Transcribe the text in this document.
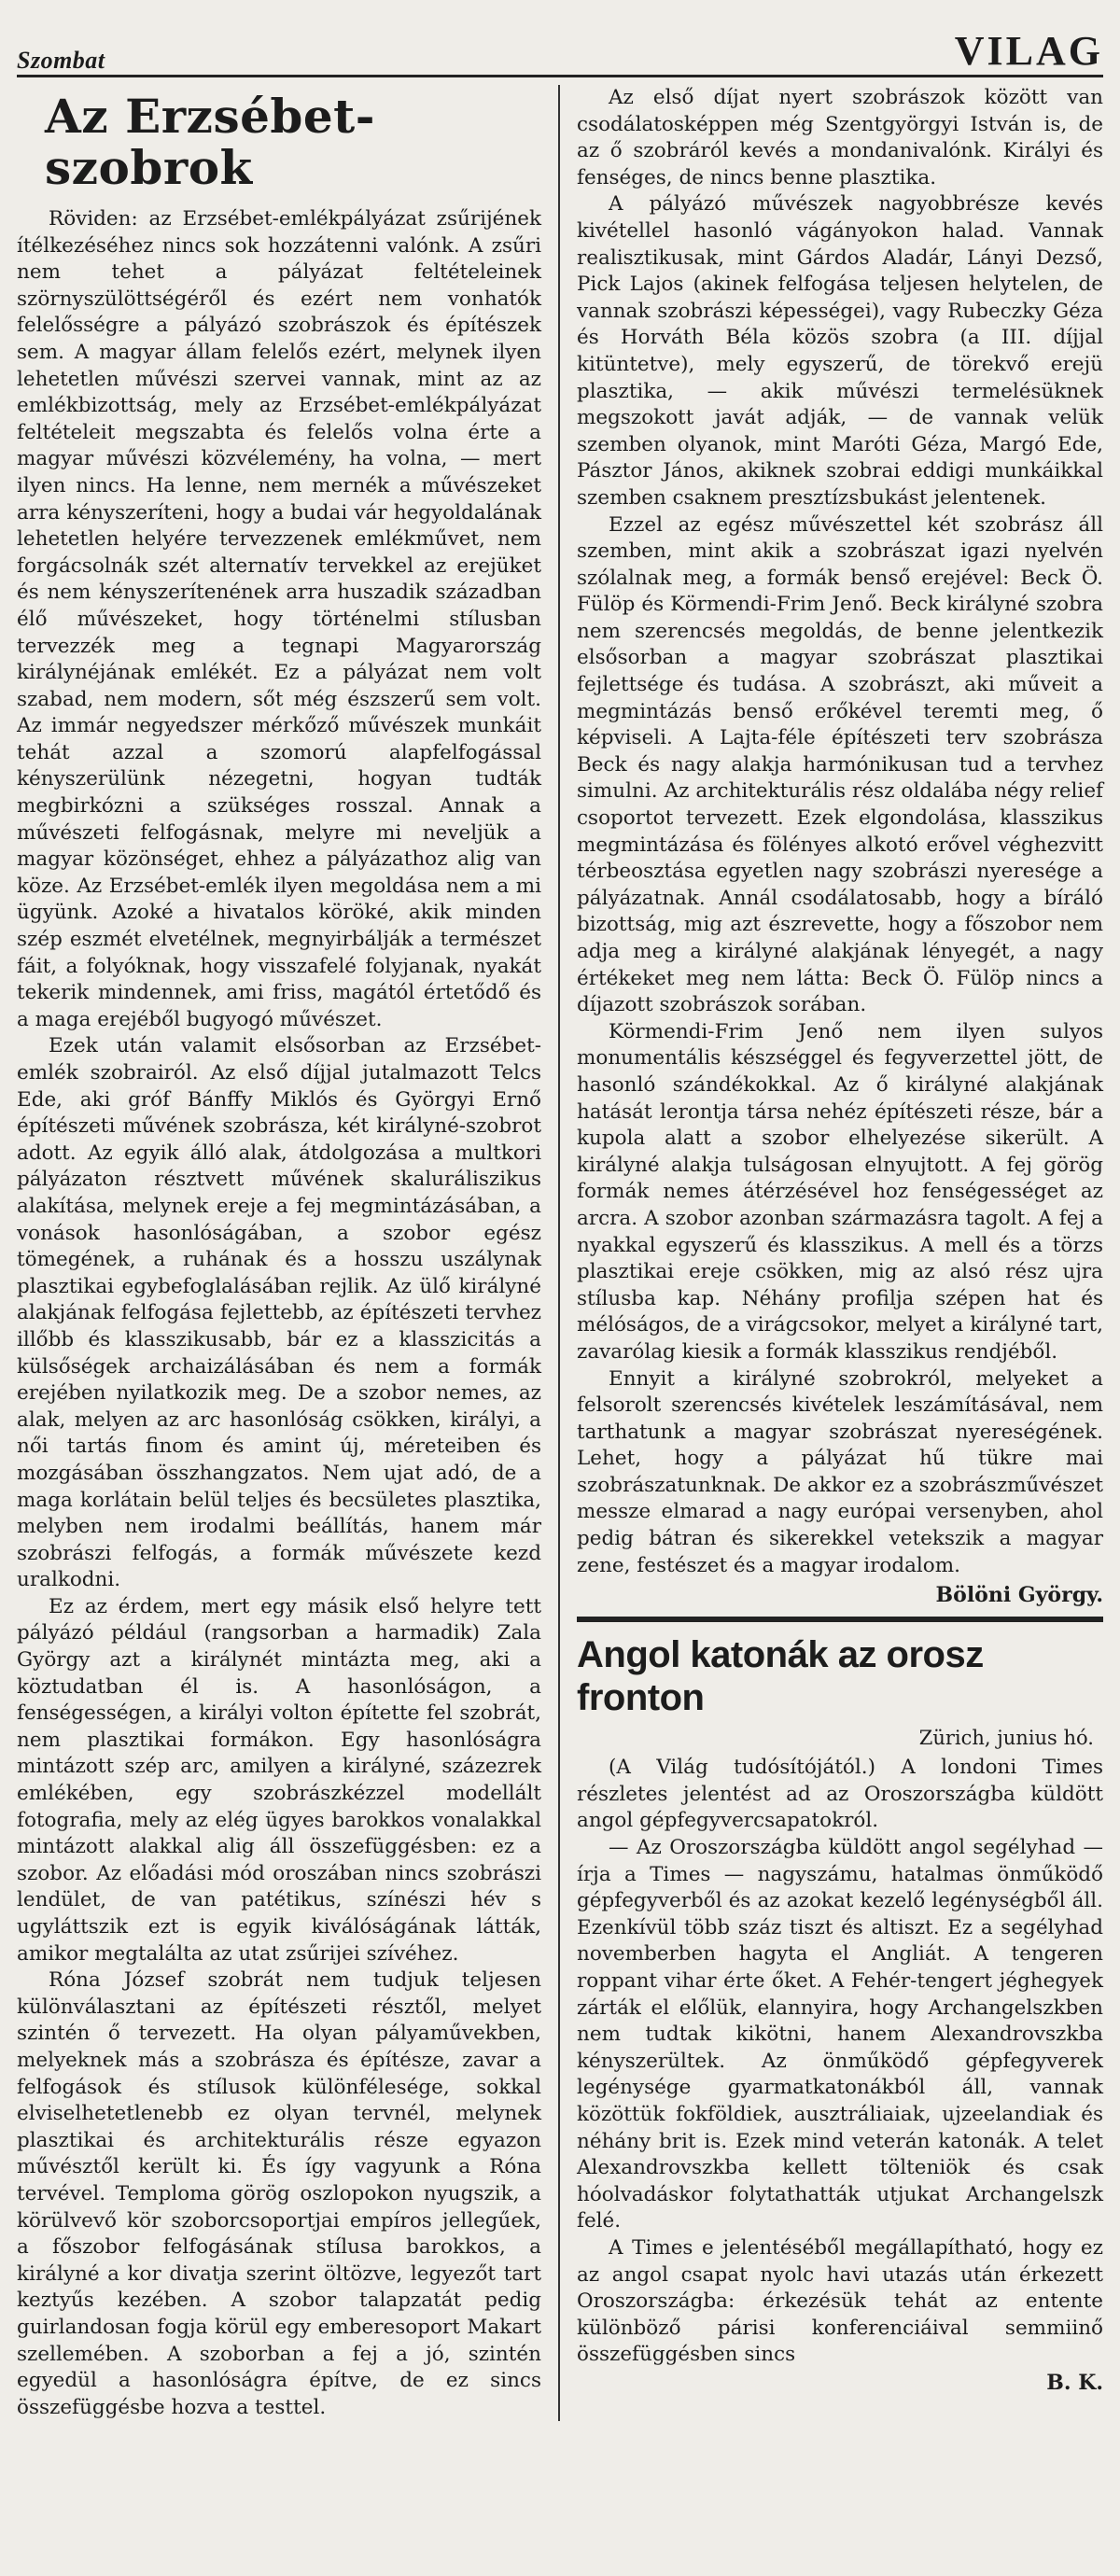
Szombat	VILAG
Az Erzsébet-szobrok

Röviden: az Erzsébet-emlékpályázat zsűrijének ítélkezéséhez nincs sok hozzátenni valónk. A zsűri nem tehet a pályázat feltételeinek szörnyszülöttségéről és ezért nem vonhatók felelősségre a pályázó szobrászok és építészek sem. A magyar állam felelős ezért, melynek ilyen lehetetlen művészi szervei vannak, mint az az emlékbizottság, mely az Erzsébet-emlékpályázat feltételeit megszabta és felelős volna érte a magyar művészi közvélemény, ha volna, — mert ilyen nincs. Ha lenne, nem mernék a művészeket arra kényszeríteni, hogy a budai vár hegyoldalának lehetetlen helyére tervezzenek emlékművet, nem forgácsolnák szét alternatív tervekkel az erejüket és nem kényszerítenének arra huszadik században élő művészeket, hogy történelmi stílusban tervezzék meg a tegnapi Magyarország királynéjának emlékét. Ez a pályázat nem volt szabad, nem modern, sőt még észszerű sem volt. Az immár negyedszer mérkőző művészek munkáit tehát azzal a szomorú alapfelfogással kényszerülünk nézegetni, hogyan tudták megbirkózni a szükséges rosszal. Annak a művészeti felfogásnak, melyre mi neveljük a magyar közönséget, ehhez a pályázathoz alig van köze. Az Erzsébet-emlék ilyen megoldása nem a mi ügyünk. Azoké a hivatalos köröké, akik minden szép eszmét elvetélnek, megnyirbálják a természet fáit, a folyóknak, hogy visszafelé folyjanak, nyakát tekerik mindennek, ami friss, magától értetődő és a maga erejéből bugyogó művészet.

Ezek után valamit elsősorban az Erzsébet-emlék szobrairól. Az első díjjal jutalmazott Telcs Ede, aki gróf Bánffy Miklós és Györgyi Ernő építészeti művének szobrásza, két királyné-szobrot adott. Az egyik álló alak, átdolgozása a multkori pályázaton résztvett művének skaluráliszikus alakítása, melynek ereje a fej megmintázásában, a vonások hasonlóságában, a szobor egész tömegének, a ruhának és a hosszu uszálynak plasztikai egybefoglalásában rejlik. Az ülő királyné alakjának felfogása fejlettebb, az építészeti tervhez illőbb és klasszikusabb, bár ez a klasszicitás a külsőségek archaizálásában és nem a formák erejében nyilatkozik meg. De a szobor nemes, az alak, melyen az arc hasonlóság csökken, királyi, a női tartás finom és amint új, méreteiben és mozgásában összhangzatos. Nem ujat adó, de a maga korlátain belül teljes és becsületes plasztika, melyben nem irodalmi beállítás, hanem már szobrászi felfogás, a formák művészete kezd uralkodni.

Ez az érdem, mert egy másik első helyre tett pályázó például (rangsorban a harmadik) Zala György azt a királynét mintázta meg, aki a köztudatban él is. A hasonlóságon, a fenségességen, a királyi volton építette fel szobrát, nem plasztikai formákon. Egy hasonlóságra mintázott szép arc, amilyen a királyné, százezrek emlékében, egy szobrászkézzel modellált fotografia, mely az elég ügyes barokkos vonalakkal mintázott alakkal alig áll összefüggésben: ez a szobor. Az előadási mód oroszában nincs szobrászi lendület, de van patétikus, színészi hév s ugyláttszik ezt is egyik kiválóságának látták, amikor megtalálta az utat zsűrijei szívéhez.

Róna József szobrát nem tudjuk teljesen különválasztani az építészeti résztől, melyet szintén ő tervezett. Ha olyan pályaművekben, melyeknek más a szobrásza és építésze, zavar a felfogások és stílusok különfélesége, sokkal elviselhetetlenebb ez olyan tervnél, melynek plasztikai és architekturális része egyazon művésztől került ki. És így vagyunk a Róna tervével. Temploma görög oszlopokon nyugszik, a körülvevő kör szoborcsoportjai empíros jellegűek, a főszobor felfogásának stílusa barokkos, a királyné a kor divatja szerint öltözve, legyezőt tart keztyűs kezében. A szobor talapzatát pedig guirlandosan fogja körül egy emberesoport Makart szellemében. A szoborban a fej a jó, szintén egyedül a hasonlóságra építve, de ez sincs összefüggésbe hozva a testtel.

Az első díjat nyert szobrászok között van csodálatosképpen még Szentgyörgyi István is, de az ő szobráról kevés a mondanivalónk. Királyi és fenséges, de nincs benne plasztika.

A pályázó művészek nagyobbrésze kevés kivétellel hasonló vágányokon halad. Vannak realisztikusak, mint Gárdos Aladár, Lányi Dezső, Pick Lajos (akinek felfogása teljesen helytelen, de vannak szobrászi képességei), vagy Rubeczky Géza és Horváth Béla közös szobra (a III. díjjal kitüntetve), mely egyszerű, de törekvő erejü plasztika, — akik művészi termelésüknek megszokott javát adják, — de vannak velük szemben olyanok, mint Maróti Géza, Margó Ede, Pásztor János, akiknek szobrai eddigi munkáikkal szemben csaknem presztízsbukást jelentenek.

Ezzel az egész művészettel két szobrász áll szemben, mint akik a szobrászat igazi nyelvén szólalnak meg, a formák benső erejével: Beck Ö. Fülöp és Körmendi-Frim Jenő. Beck királyné szobra nem szerencsés megoldás, de benne jelentkezik elsősorban a magyar szobrászat plasztikai fejlettsége és tudása. A szobrászt, aki műveit a megmintázás benső erőkével teremti meg, ő képviseli. A Lajta-féle építészeti terv szobrásza Beck és nagy alakja harmónikusan tud a tervhez simulni. Az architekturális rész oldalába négy relief csoportot tervezett. Ezek elgondolása, klasszikus megmintázása és fölényes alkotó erővel véghezvitt térbeosztása egyetlen nagy szobrászi nyeresége a pályázatnak. Annál csodálatosabb, hogy a bíráló bizottság, mig azt észrevette, hogy a főszobor nem adja meg a királyné alakjának lényegét, a nagy értékeket meg nem látta: Beck Ö. Fülöp nincs a díjazott szobrászok sorában.

Körmendi-Frim Jenő nem ilyen sulyos monumentális készséggel és fegyverzettel jött, de hasonló szándékokkal. Az ő királyné alakjának hatását lerontja társa nehéz építészeti része, bár a kupola alatt a szobor elhelyezése sikerült. A királyné alakja tulságosan elnyujtott. A fej görög formák nemes átérzésével hoz fenségességet az arcra. A szobor azonban származásra tagolt. A fej a nyakkal egyszerű és klasszikus. A mell és a törzs plasztikai ereje csökken, mig az alsó rész ujra stílusba kap. Néhány profilja szépen hat és mélóságos, de a virágcsokor, melyet a királyné tart, zavarólag kiesik a formák klasszikus rendjéből.

Ennyit a királyné szobrokról, melyeket a felsorolt szerencsés kivételek leszámításával, nem tarthatunk a magyar szobrászat nyereségének. Lehet, hogy a pályázat hű tükre mai szobrászatunknak. De akkor ez a szobrászművészet messze elmarad a nagy európai versenyben, ahol pedig bátran és sikerekkel vetekszik a magyar zene, festészet és a magyar irodalom.

Bölöni György.
Angol katonák az orosz fronton
Zürich, junius hó.

(A Világ tudósítójától.) A londoni Times részletes jelentést ad az Oroszországba küldött angol gépfegyvercsapatokról.

— Az Oroszországba küldött angol segélyhad — írja a Times — nagyszámu, hatalmas önműködő gépfegyverből és az azokat kezelő legénységből áll. Ezenkívül több száz tiszt és altiszt. Ez a segélyhad novemberben hagyta el Angliát. A tengeren roppant vihar érte őket. A Fehér-tengert jéghegyek zárták el előlük, elannyira, hogy Archangelszkben nem tudtak kikötni, hanem Alexandrovszkba kényszerültek. Az önműködő gépfegyverek legénysége gyarmatkatonákból áll, vannak közöttük fokföldiek, ausztráliaiak, ujzeelandiak és néhány brit is. Ezek mind veterán katonák. A telet Alexandrovszkba kellett tölteniök és csak hóolvadáskor folytathatták utjukat Archangelszk felé.

A Times e jelentéséből megállapítható, hogy ez az angol csapat nyolc havi utazás után érkezett Oroszországba: érkezésük tehát az entente különböző párisi konferenciáival semmiinő összefüggésben sincs

B. K.
